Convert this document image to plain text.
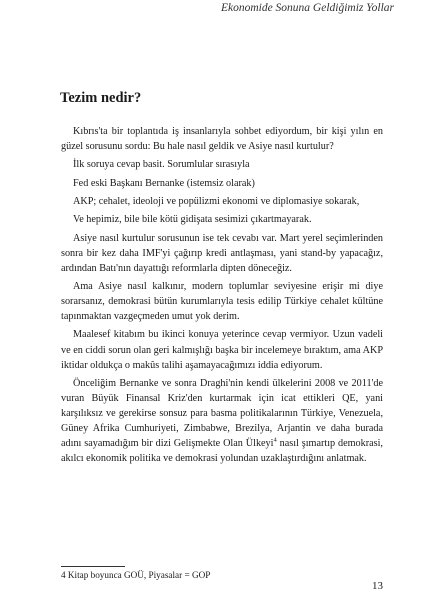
Ekonomide Sonuna Geldiğimiz Yollar
Tezim nedir?

Kıbrıs'ta bir toplantıda iş insanlarıyla sohbet ediyordum, bir kişi yılın en güzel sorusunu sordu: Bu hale nasıl geldik ve Asiye nasıl kurtulur?

İlk soruya cevap basit. Sorumlular sırasıyla

Fed eski Başkanı Bernanke (istemsiz olarak)

AKP; cehalet, ideoloji ve popülizmi ekonomi ve diplomasiye sokarak,

Ve hepimiz, bile bile kötü gidişata sesimizi çıkartmayarak.

Asiye nasıl kurtulur sorusunun ise tek cevabı var. Mart yerel seçimlerinden sonra bir kez daha IMF'yi çağırıp kredi antlaşması, yani stand-by yapacağız, ardından Batı'nın dayattığı reformlarla dipten döneceğiz.

Ama Asiye nasıl kalkınır, modern toplumlar seviyesine erişir mi diye sorarsanız, demokrasi bütün kurumlarıyla tesis edilip Türkiye cehalet kültüne tapınmaktan vazgeçmeden umut yok derim.

Maalesef kitabım bu ikinci konuya yeterince cevap vermiyor. Uzun vadeli ve en ciddi sorun olan geri kalmışlığı başka bir incelemeye bıraktım, ama AKP iktidar oldukça o makûs talihi aşamayacağımızı iddia ediyorum.

Önceliğim Bernanke ve sonra Draghi'nin kendi ülkelerini 2008 ve 2011'de vuran Büyük Finansal Kriz'den kurtarmak için icat ettikleri QE, yani karşılıksız ve gerekirse sonsuz para basma politikalarının Türkiye, Venezuela, Güney Afrika Cumhuriyeti, Zimbabwe, Brezilya, Arjantin ve daha burada adını sayamadığım bir dizi Gelişmekte Olan Ülkeyi$^4$ nasıl şımartıp demokrasi, akılcı ekonomik politika ve demokrasi yolundan uzaklaştırdığını anlatmak.

4 Kitap boyunca GOÜ, Piyasalar = GOP
13
